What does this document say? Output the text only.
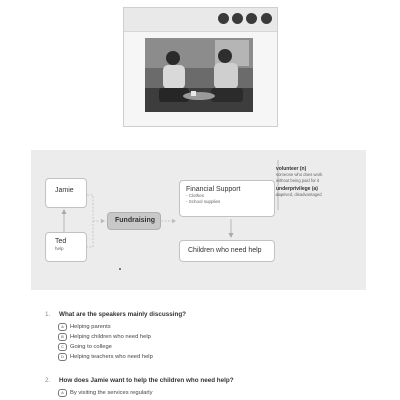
Jamie
Ted
help
Fundraising
Financial Support
- Clothes
- School supplies
Children who need help
volunteer (n)
someone who does work
without being paid for it
underprivilege (a)
deprived, disadvantaged
1. What are the speakers mainly discussing?
A	Helping parents
B	Helping children who need help
C	Going to college
D	Helping teachers who need help
2. How does Jamie want to help the children who need help?
A	By visiting the services regularly
